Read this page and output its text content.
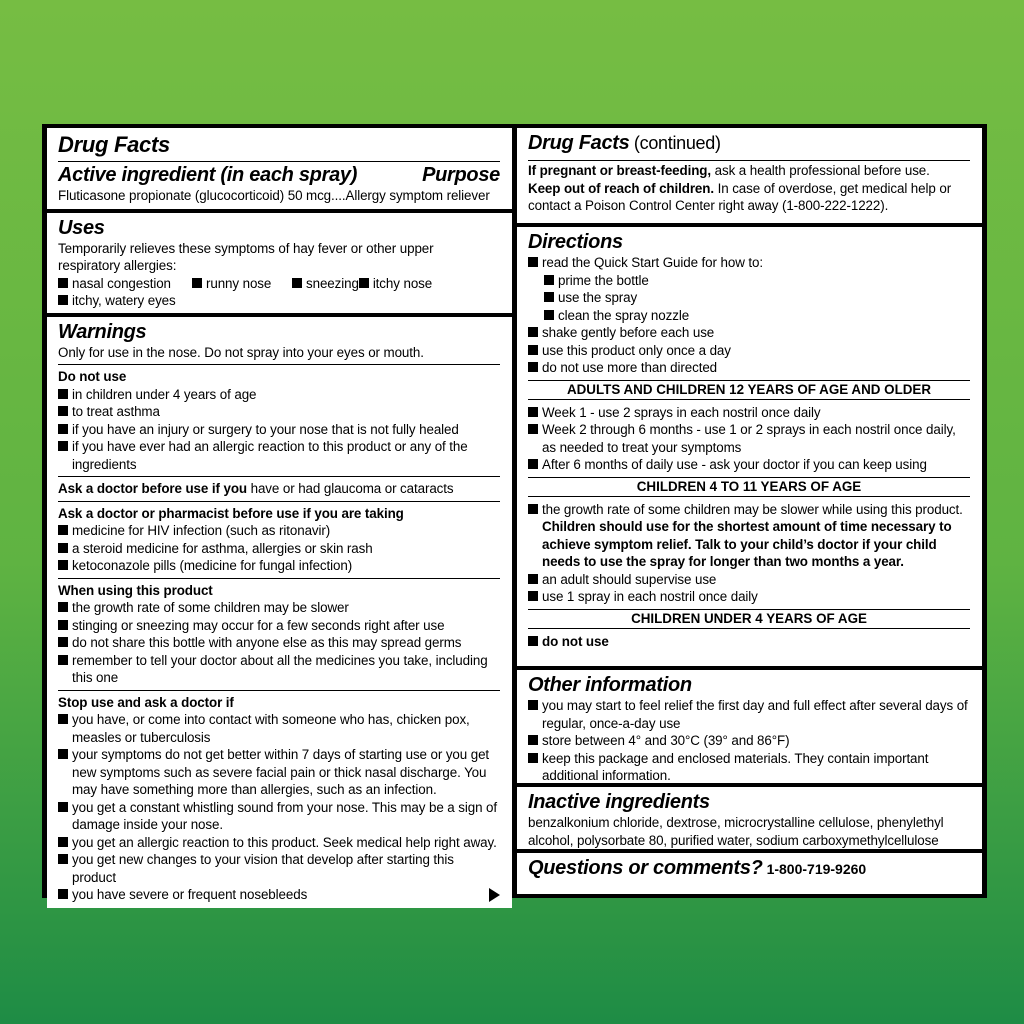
Drug Facts
Active ingredient (in each spray)	Purpose
Fluticasone propionate (glucocorticoid) 50 mcg....Allergy symptom reliever
Uses
Temporarily relieves these symptoms of hay fever or other upper respiratory allergies:
nasal congestion	runny nose	sneezing itchy nose
itchy, watery eyes
Warnings
Only for use in the nose. Do not spray into your eyes or mouth.
Do not use
in children under 4 years of age
to treat asthma
if you have an injury or surgery to your nose that is not fully healed
if you have ever had an allergic reaction to this product or any of the ingredients
Ask a doctor before use if you have or had glaucoma or cataracts
Ask a doctor or pharmacist before use if you are taking
medicine for HIV infection (such as ritonavir)
a steroid medicine for asthma, allergies or skin rash
ketoconazole pills (medicine for fungal infection)
When using this product
the growth rate of some children may be slower
stinging or sneezing may occur for a few seconds right after use
do not share this bottle with anyone else as this may spread germs
remember to tell your doctor about all the medicines you take, including this one
Stop use and ask a doctor if
you have, or come into contact with someone who has, chicken pox, measles or tuberculosis
your symptoms do not get better within 7 days of starting use or you get new symptoms such as severe facial pain or thick nasal discharge. You may have something more than allergies, such as an infection.
you get a constant whistling sound from your nose. This may be a sign of damage inside your nose.
you get an allergic reaction to this product. Seek medical help right away.
you get new changes to your vision that develop after starting this product
you have severe or frequent nosebleeds
Drug Facts (continued)
If pregnant or breast-feeding, ask a health professional before use.
Keep out of reach of children. In case of overdose, get medical help or contact a Poison Control Center right away (1-800-222-1222).
Directions
read the Quick Start Guide for how to:
prime the bottle
use the spray
clean the spray nozzle
shake gently before each use
use this product only once a day
do not use more than directed
ADULTS AND CHILDREN 12 YEARS OF AGE AND OLDER
Week 1 - use 2 sprays in each nostril once daily
Week 2 through 6 months - use 1 or 2 sprays in each nostril once daily, as needed to treat your symptoms
After 6 months of daily use - ask your doctor if you can keep using
CHILDREN 4 TO 11 YEARS OF AGE
the growth rate of some children may be slower while using this product. Children should use for the shortest amount of time necessary to achieve symptom relief. Talk to your child’s doctor if your child needs to use the spray for longer than two months a year.
an adult should supervise use
use 1 spray in each nostril once daily
CHILDREN UNDER 4 YEARS OF AGE
do not use
Other information
you may start to feel relief the first day and full effect after several days of regular, once-a-day use
store between 4° and 30°C (39° and 86°F)
keep this package and enclosed materials. They contain important additional information.
Inactive ingredients
benzalkonium chloride, dextrose, microcrystalline cellulose, phenylethyl alcohol, polysorbate 80, purified water, sodium carboxymethylcellulose
Questions or comments? 1-800-719-9260
